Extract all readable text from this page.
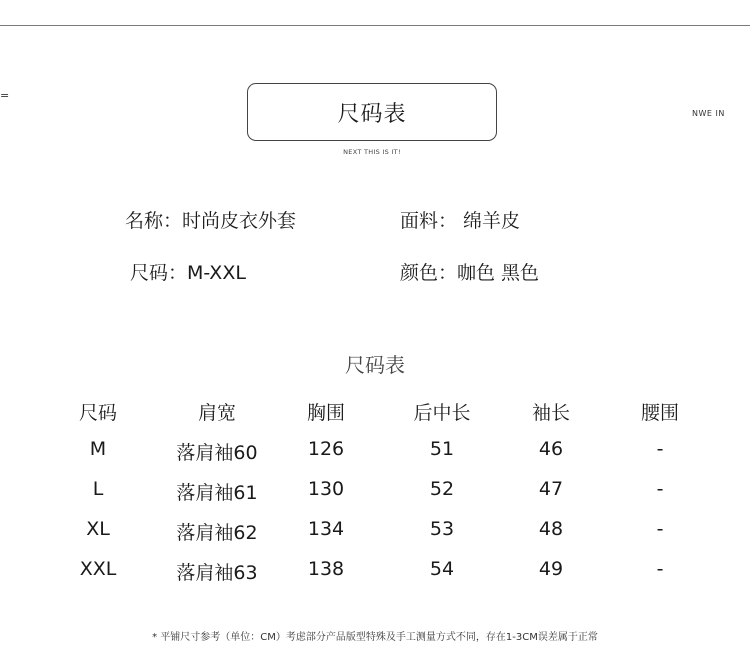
=
NWE IN
尺码表
NEXT THIS IS IT!
名称：时尚皮衣外套	面料： 绵羊皮
尺码：M-XXL	颜色：咖色 黑色
尺码表
尺码	肩宽	胸围	后中长	袖长	腰围
M	落肩袖60	126	51	46	-
L	落肩袖61	130	52	47	-
XL	落肩袖62	134	53	48	-
XXL	落肩袖63	138	54	49	-
* 平铺尺寸参考（单位：CM）考虑部分产品版型特殊及手工测量方式不同，存在1-3CM误差属于正常
